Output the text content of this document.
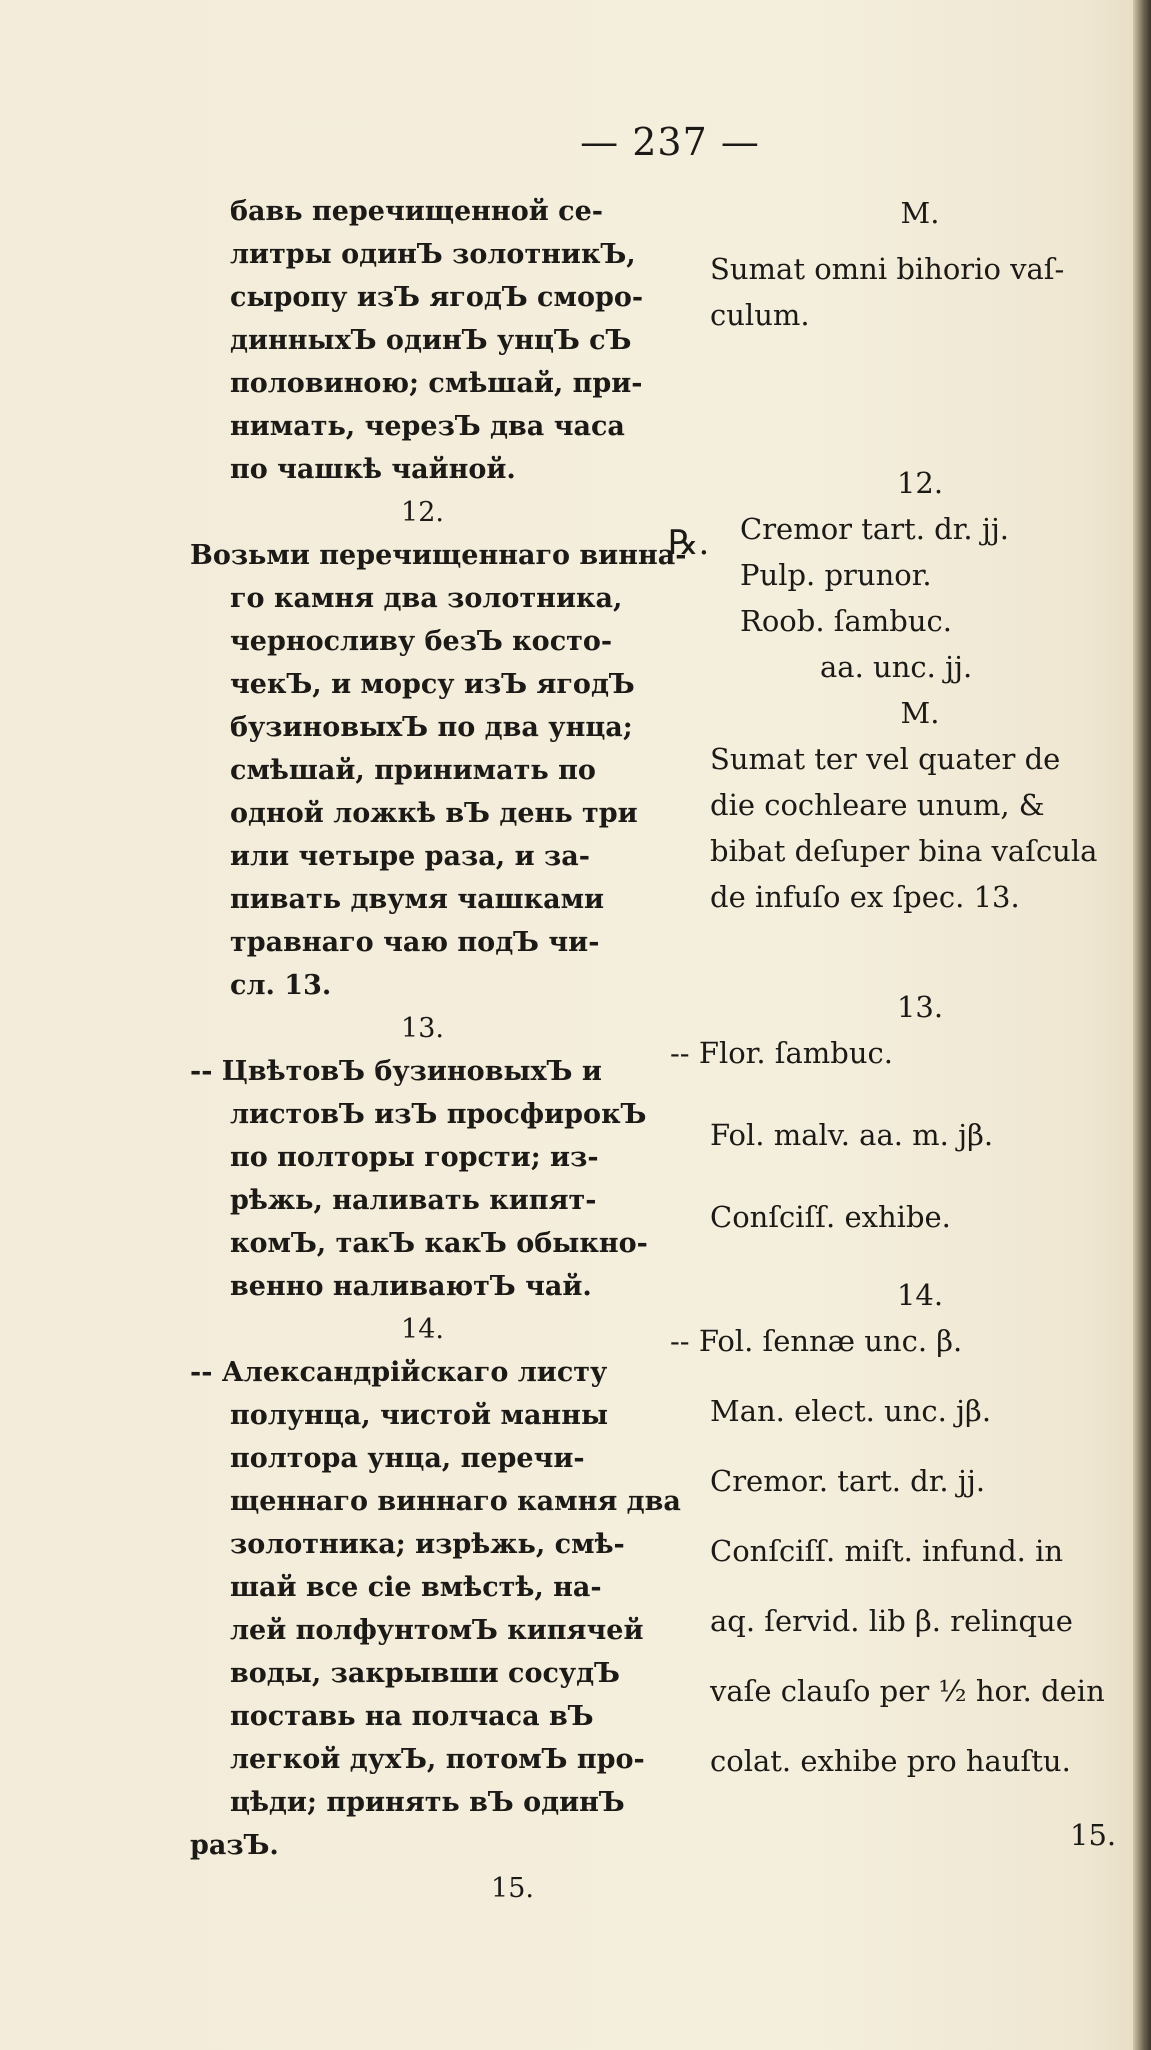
— 237 —
℞.
бавь перечищенной се-
литры одинЪ золотникЪ,
сыропу изЪ ягодЪ сморо-
динныхЪ одинЪ унцЪ сЪ
половиною; смѣшай, при-
нимать, черезЪ два часа
по чашкѣ чайной.
12.
Возьми перечищеннаго винна-
го камня два золотника,
черносливу безЪ косто-
чекЪ, и морсу изЪ ягодЪ
бузиновыхЪ по два унца;
смѣшай, принимать по
одной ложкѣ вЪ день три
или четыре раза, и за-
пивать двумя чашками
травнаго чаю подЪ чи-
сл. 13.
13.
-- ЦвѣтовЪ бузиновыхЪ и
листовЪ изЪ просфирокЪ
по полторы горсти; из-
рѣжь, наливать кипят-
комЪ, такЪ какЪ обыкно-
венно наливаютЪ чай.
14.
-- Александрійскаго листу
полунца, чистой манны
полтора унца, перечи-
щеннаго виннаго камня два
золотника; изрѣжь, смѣ-
шай все сіе вмѣстѣ, на-
лей полфунтомЪ кипячей
воды, закрывши сосудЪ
поставь на полчаса вЪ
легкой духЪ, потомЪ про-
цѣди; принять вЪ одинЪ
разЪ.
15.
M.
Sumat omni bihorio vaſ-
culum.
12.
Cremor tart. dr. jj.
Pulp. prunor.
Roob. ſambuc.
aa. unc. jj.
M.
Sumat ter vel quater de
die cochleare unum, &
bibat deſuper bina vaſcula
de infuſo ex ſpec. 13.
13.
-- Flor. ſambuc.
Fol. malv. aa. m. jβ.
Conſciſſ. exhibe.
14.
-- Fol. ſennæ unc. β.
Man. elect. unc. jβ.
Cremor. tart. dr. jj.
Conſciſſ. miſt. infund. in
aq. ſervid. lib β. relinque
vaſe clauſo per ½ hor. dein
colat. exhibe pro hauſtu.
15.
